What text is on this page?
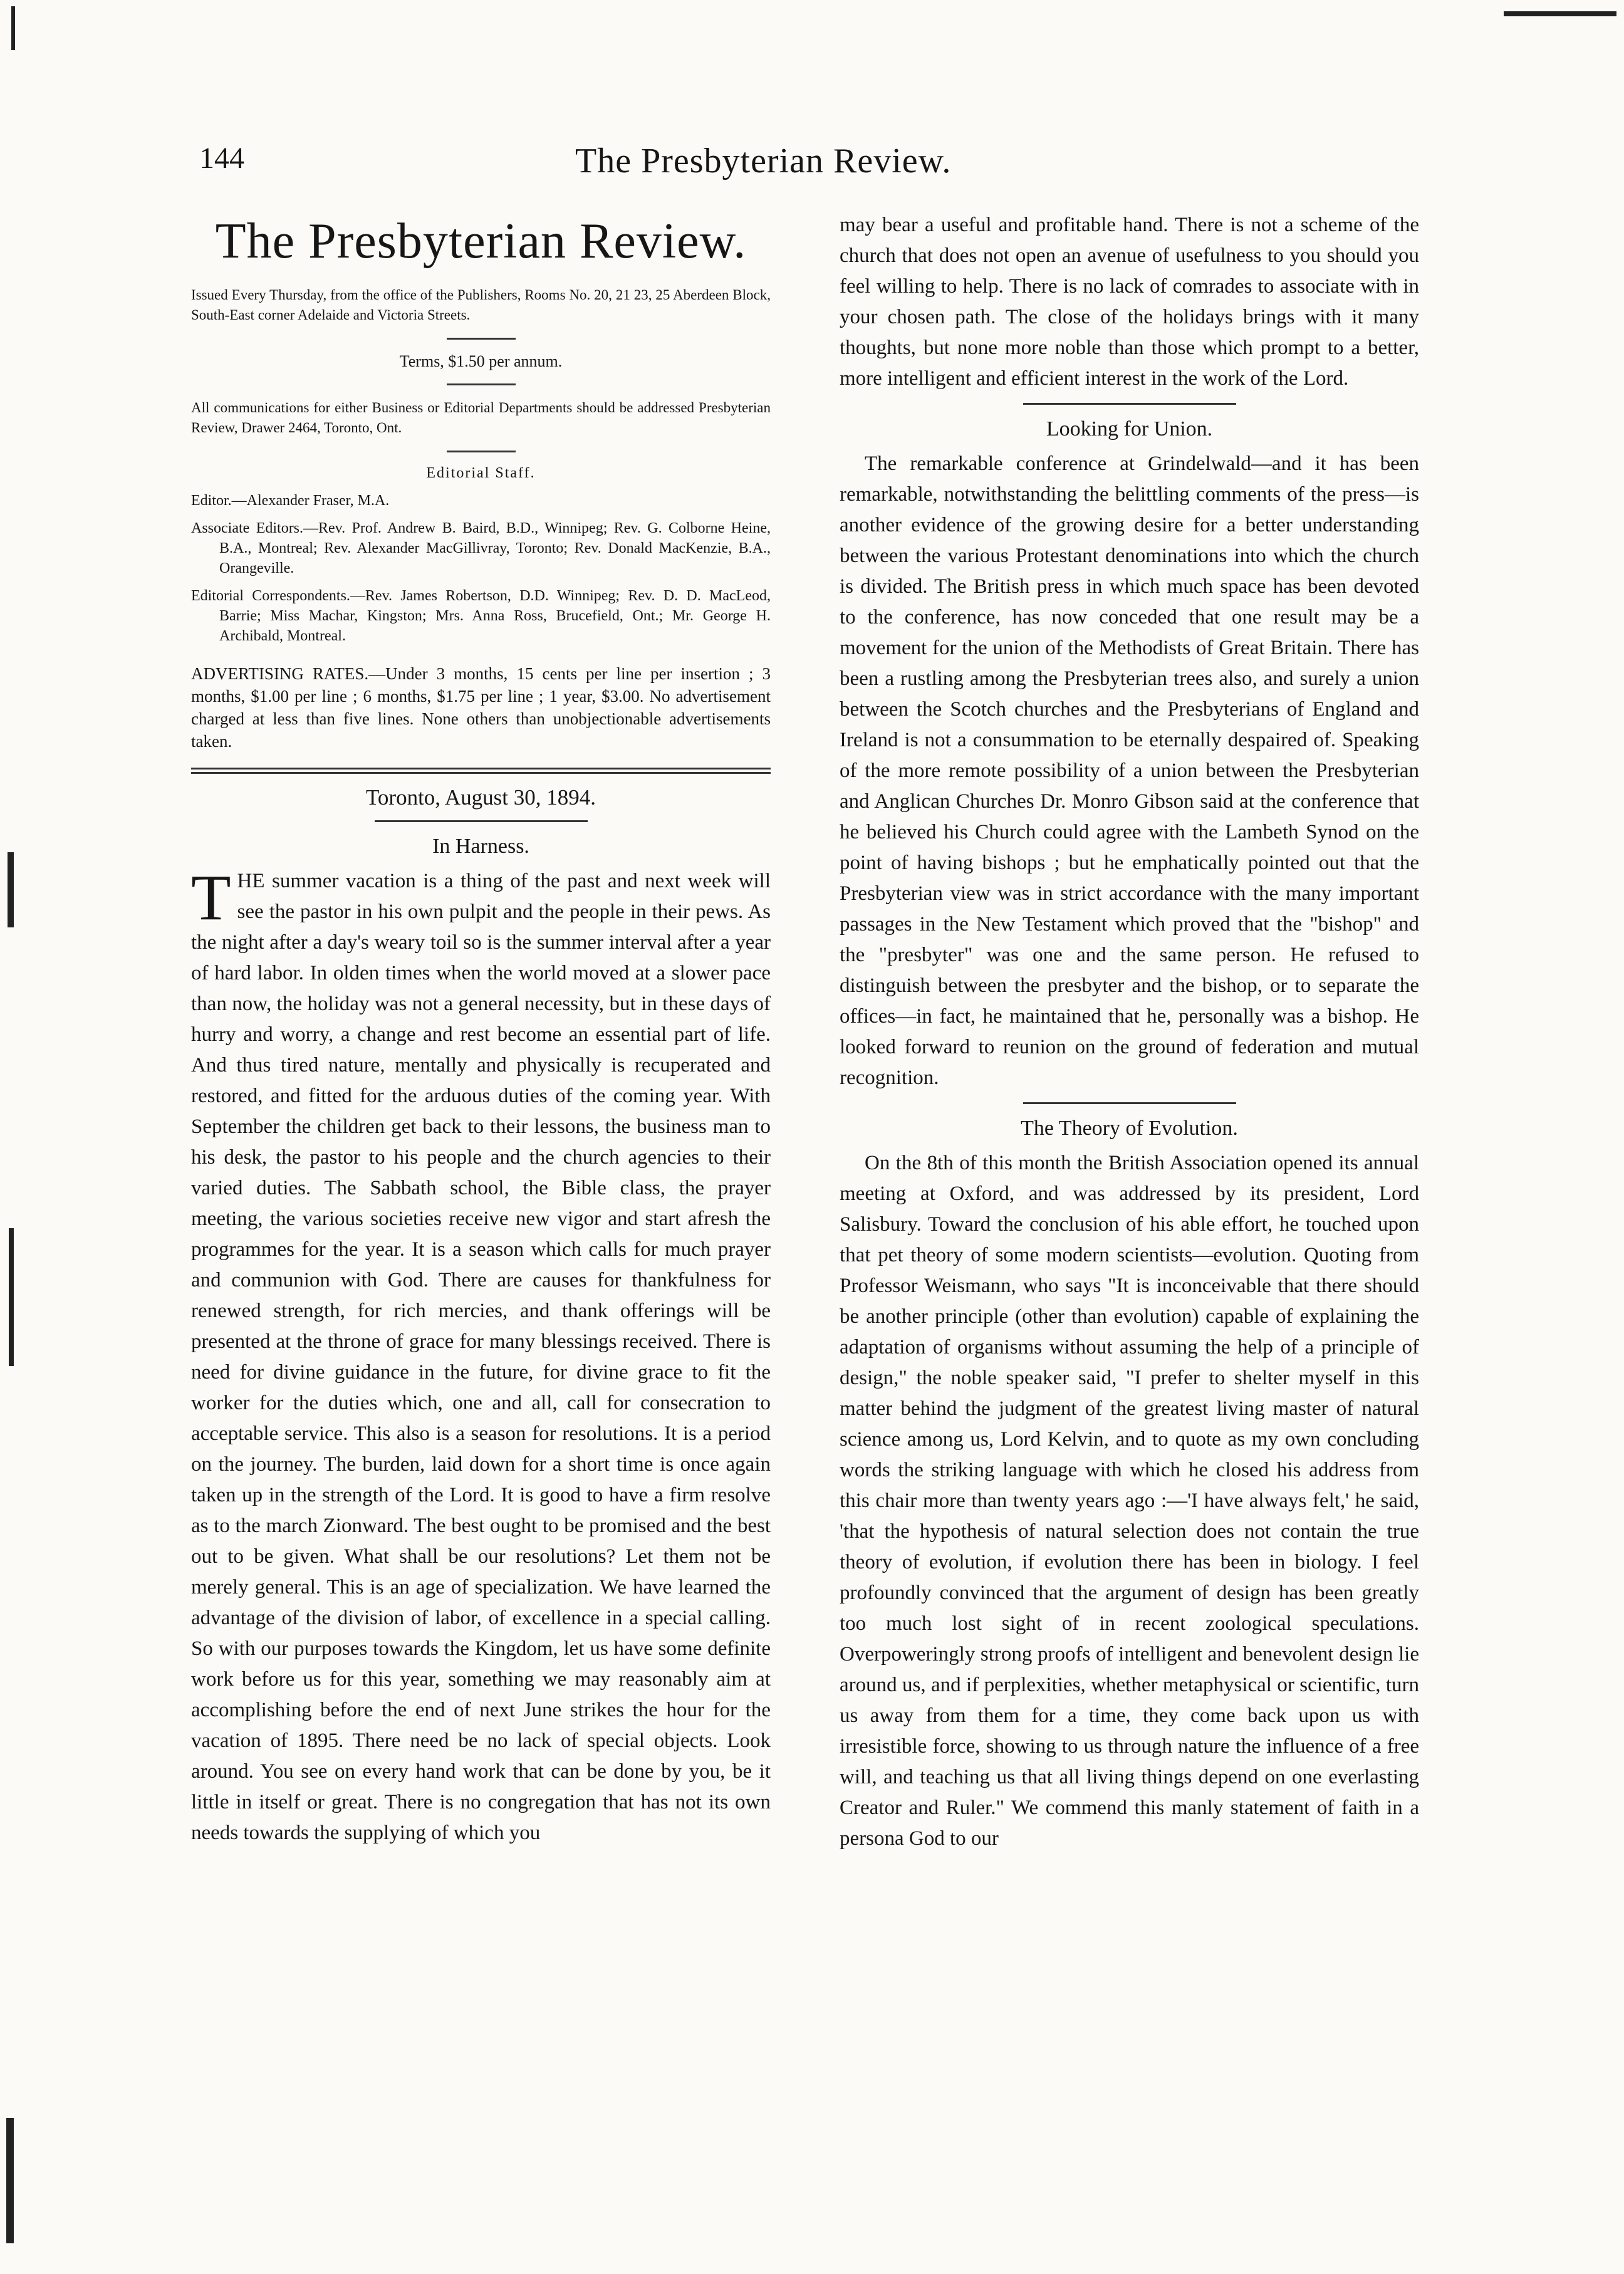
144	The Presbyterian Review.
The Presbyterian Review.

Issued Every Thursday, from the office of the Publishers, Rooms No. 20, 21 23, 25 Aberdeen Block, South-East corner Adelaide and Victoria Streets.

Terms, $1.50 per annum.

All communications for either Business or Editorial Departments should be addressed Presbyterian Review, Drawer 2464, Toronto, Ont.

Editorial Staff.

Editor.—Alexander Fraser, M.A.

Associate Editors.—Rev. Prof. Andrew B. Baird, B.D., Winnipeg; Rev. G. Colborne Heine, B.A., Montreal; Rev. Alexander MacGillivray, Toronto; Rev. Donald MacKenzie, B.A., Orangeville.

Editorial Correspondents.—Rev. James Robertson, D.D. Winnipeg; Rev. D. D. MacLeod, Barrie; Miss Machar, Kingston; Mrs. Anna Ross, Brucefield, Ont.; Mr. George H. Archibald, Montreal.

ADVERTISING RATES.—Under 3 months, 15 cents per line per insertion ; 3 months, $1.00 per line ; 6 months, $1.75 per line ; 1 year, $3.00. No advertisement charged at less than five lines. None others than unobjectionable advertisements taken.

Toronto, August 30, 1894.

In Harness.

THE summer vacation is a thing of the past and next week will see the pastor in his own pulpit and the people in their pews. As the night after a day's weary toil so is the summer interval after a year of hard labor. In olden times when the world moved at a slower pace than now, the holiday was not a general necessity, but in these days of hurry and worry, a change and rest become an essential part of life. And thus tired nature, mentally and physically is recuperated and restored, and fitted for the arduous duties of the coming year. With September the children get back to their lessons, the business man to his desk, the pastor to his people and the church agencies to their varied duties. The Sabbath school, the Bible class, the prayer meeting, the various societies receive new vigor and start afresh the programmes for the year. It is a season which calls for much prayer and communion with God. There are causes for thankfulness for renewed strength, for rich mercies, and thank offerings will be presented at the throne of grace for many blessings received. There is need for divine guidance in the future, for divine grace to fit the worker for the duties which, one and all, call for consecration to acceptable service. This also is a season for resolutions. It is a period on the journey. The burden, laid down for a short time is once again taken up in the strength of the Lord. It is good to have a firm resolve as to the march Zionward. The best ought to be promised and the best out to be given. What shall be our resolutions? Let them not be merely general. This is an age of specialization. We have learned the advantage of the division of labor, of excellence in a special calling. So with our purposes towards the Kingdom, let us have some definite work before us for this year, something we may reasonably aim at accomplishing before the end of next June strikes the hour for the vacation of 1895. There need be no lack of special objects. Look around. You see on every hand work that can be done by you, be it little in itself or great. There is no congregation that has not its own needs towards the supplying of which you

may bear a useful and profitable hand. There is not a scheme of the church that does not open an avenue of usefulness to you should you feel willing to help. There is no lack of comrades to associate with in your chosen path. The close of the holidays brings with it many thoughts, but none more noble than those which prompt to a better, more intelligent and efficient interest in the work of the Lord.

Looking for Union.

The remarkable conference at Grindelwald—and it has been remarkable, notwithstanding the belittling comments of the press—is another evidence of the growing desire for a better understanding between the various Protestant denominations into which the church is divided. The British press in which much space has been devoted to the conference, has now conceded that one result may be a movement for the union of the Methodists of Great Britain. There has been a rustling among the Presbyterian trees also, and surely a union between the Scotch churches and the Presbyterians of England and Ireland is not a consummation to be eternally despaired of. Speaking of the more remote possibility of a union between the Presbyterian and Anglican Churches Dr. Monro Gibson said at the conference that he believed his Church could agree with the Lambeth Synod on the point of having bishops ; but he emphatically pointed out that the Presbyterian view was in strict accordance with the many important passages in the New Testament which proved that the "bishop" and the "presbyter" was one and the same person. He refused to distinguish between the presbyter and the bishop, or to separate the offices—in fact, he maintained that he, personally was a bishop. He looked forward to reunion on the ground of federation and mutual recognition.

The Theory of Evolution.

On the 8th of this month the British Association opened its annual meeting at Oxford, and was addressed by its president, Lord Salisbury. Toward the conclusion of his able effort, he touched upon that pet theory of some modern scientists—evolution. Quoting from Professor Weismann, who says "It is inconceivable that there should be another principle (other than evolution) capable of explaining the adaptation of organisms without assuming the help of a principle of design," the noble speaker said, "I prefer to shelter myself in this matter behind the judgment of the greatest living master of natural science among us, Lord Kelvin, and to quote as my own concluding words the striking language with which he closed his address from this chair more than twenty years ago :—'I have always felt,' he said, 'that the hypothesis of natural selection does not contain the true theory of evolution, if evolution there has been in biology. I feel profoundly convinced that the argument of design has been greatly too much lost sight of in recent zoological speculations. Overpoweringly strong proofs of intelligent and benevolent design lie around us, and if perplexities, whether metaphysical or scientific, turn us away from them for a time, they come back upon us with irresistible force, showing to us through nature the influence of a free will, and teaching us that all living things depend on one everlasting Creator and Ruler." We commend this manly statement of faith in a persona God to our
